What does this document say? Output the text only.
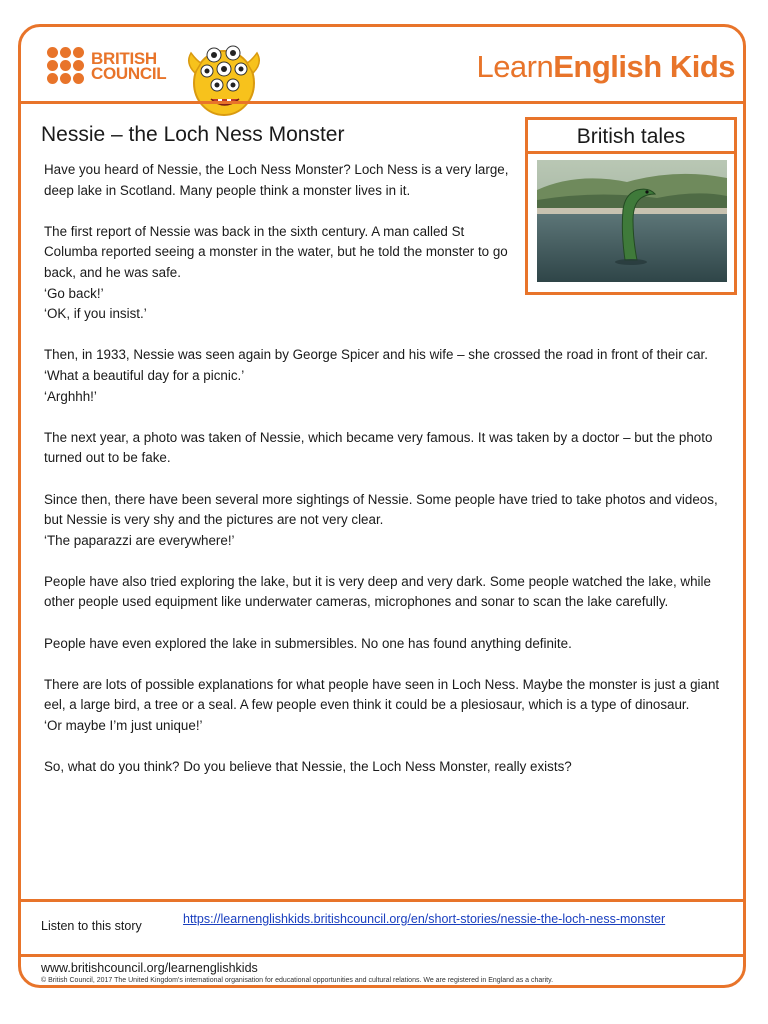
BRITISH
COUNCIL	LearnEnglish Kids
Nessie – the Loch Ness Monster	British tales

Have you heard of Nessie, the Loch Ness Monster? Loch Ness is a very large, deep lake in Scotland. Many people think a monster lives in it.

The first report of Nessie was back in the sixth century. A man called St Columba reported seeing a monster in the water, but he told the monster to go back, and he was safe.
‘Go back!’
‘OK, if you insist.’

Then, in 1933, Nessie was seen again by George Spicer and his wife – she crossed the road in front of their car.
‘What a beautiful day for a picnic.’
‘Arghhh!’

The next year, a photo was taken of Nessie, which became very famous. It was taken by a doctor – but the photo turned out to be fake.

Since then, there have been several more sightings of Nessie. Some people have tried to take photos and videos, but Nessie is very shy and the pictures are not very clear.
‘The paparazzi are everywhere!’

People have also tried exploring the lake, but it is very deep and very dark. Some people watched the lake, while other people used equipment like underwater cameras, microphones and sonar to scan the lake carefully.

People have even explored the lake in submersibles. No one has found anything definite.

There are lots of possible explanations for what people have seen in Loch Ness. Maybe the monster is just a giant eel, a large bird, a tree or a seal. A few people even think it could be a plesiosaur, which is a type of dinosaur.
‘Or maybe I’m just unique!’

So, what do you think? Do you believe that Nessie, the Loch Ness Monster, really exists?

Listen to this story	https://learnenglishkids.britishcouncil.org/en/short-stories/nessie-the-loch-ness-monster
www.britishcouncil.org/learnenglishkids
© British Council, 2017 The United Kingdom’s international organisation for educational opportunities and cultural relations. We are registered in England as a charity.
